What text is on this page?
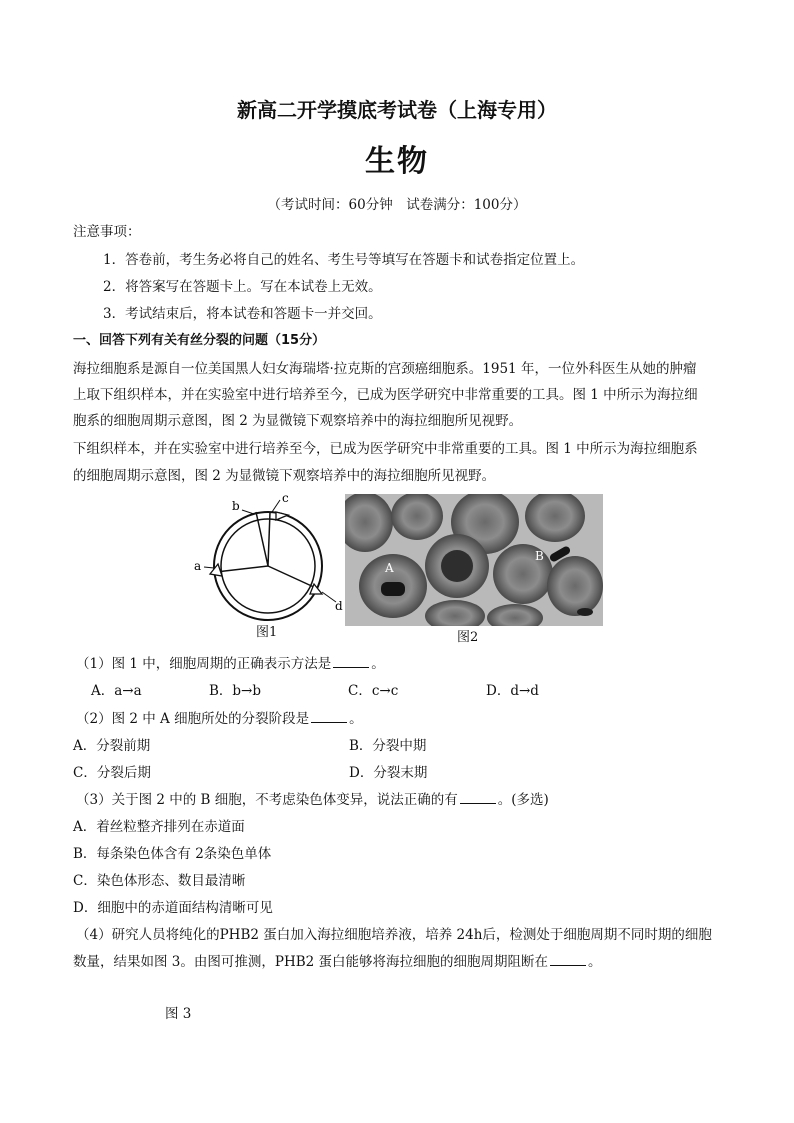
新高二开学摸底考试卷（上海专用）
生物
（考试时间：60分钟　试卷满分：100分）
注意事项：
1．答卷前，考生务必将自己的姓名、考生号等填写在答题卡和试卷指定位置上。
2．将答案写在答题卡上。写在本试卷上无效。
3．考试结束后，将本试卷和答题卡一并交回。
一、回答下列有关有丝分裂的问题（15分）
海拉细胞系是源自一位美国黑人妇女海瑞塔·拉克斯的宫颈癌细胞系。1951 年，一位外科医生从她的肿瘤
上取下组织样本，并在实验室中进行培养至今，已成为医学研究中非常重要的工具。图 1 中所示为海拉细
胞系的细胞周期示意图，图 2 为显微镜下观察培养中的海拉细胞所见视野。
下组织样本，并在实验室中进行培养至今，已成为医学研究中非常重要的工具。图 1 中所示为海拉细胞系
的细胞周期示意图，图 2 为显微镜下观察培养中的海拉细胞所见视野。
b
c
a
d
图1
A
B
图2
（1）图 1 中，细胞周期的正确表示方法是	。
A．a→a	B．b→b	C．c→c	D．d→d
（2）图 2 中 A 细胞所处的分裂阶段是	。
A．分裂前期	B．分裂中期
C．分裂后期	D．分裂末期
（3）关于图 2 中的 B 细胞，不考虑染色体变异，说法正确的有	。(多选)
A．着丝粒整齐排列在赤道面
B．每条染色体含有 2条染色单体
C．染色体形态、数目最清晰
D．细胞中的赤道面结构清晰可见
（4）研究人员将纯化的PHB2 蛋白加入海拉细胞培养液，培养 24h后，检测处于细胞周期不同时期的细胞
数量，结果如图 3。由图可推测，PHB2 蛋白能够将海拉细胞的细胞周期阻断在	。
图 3
